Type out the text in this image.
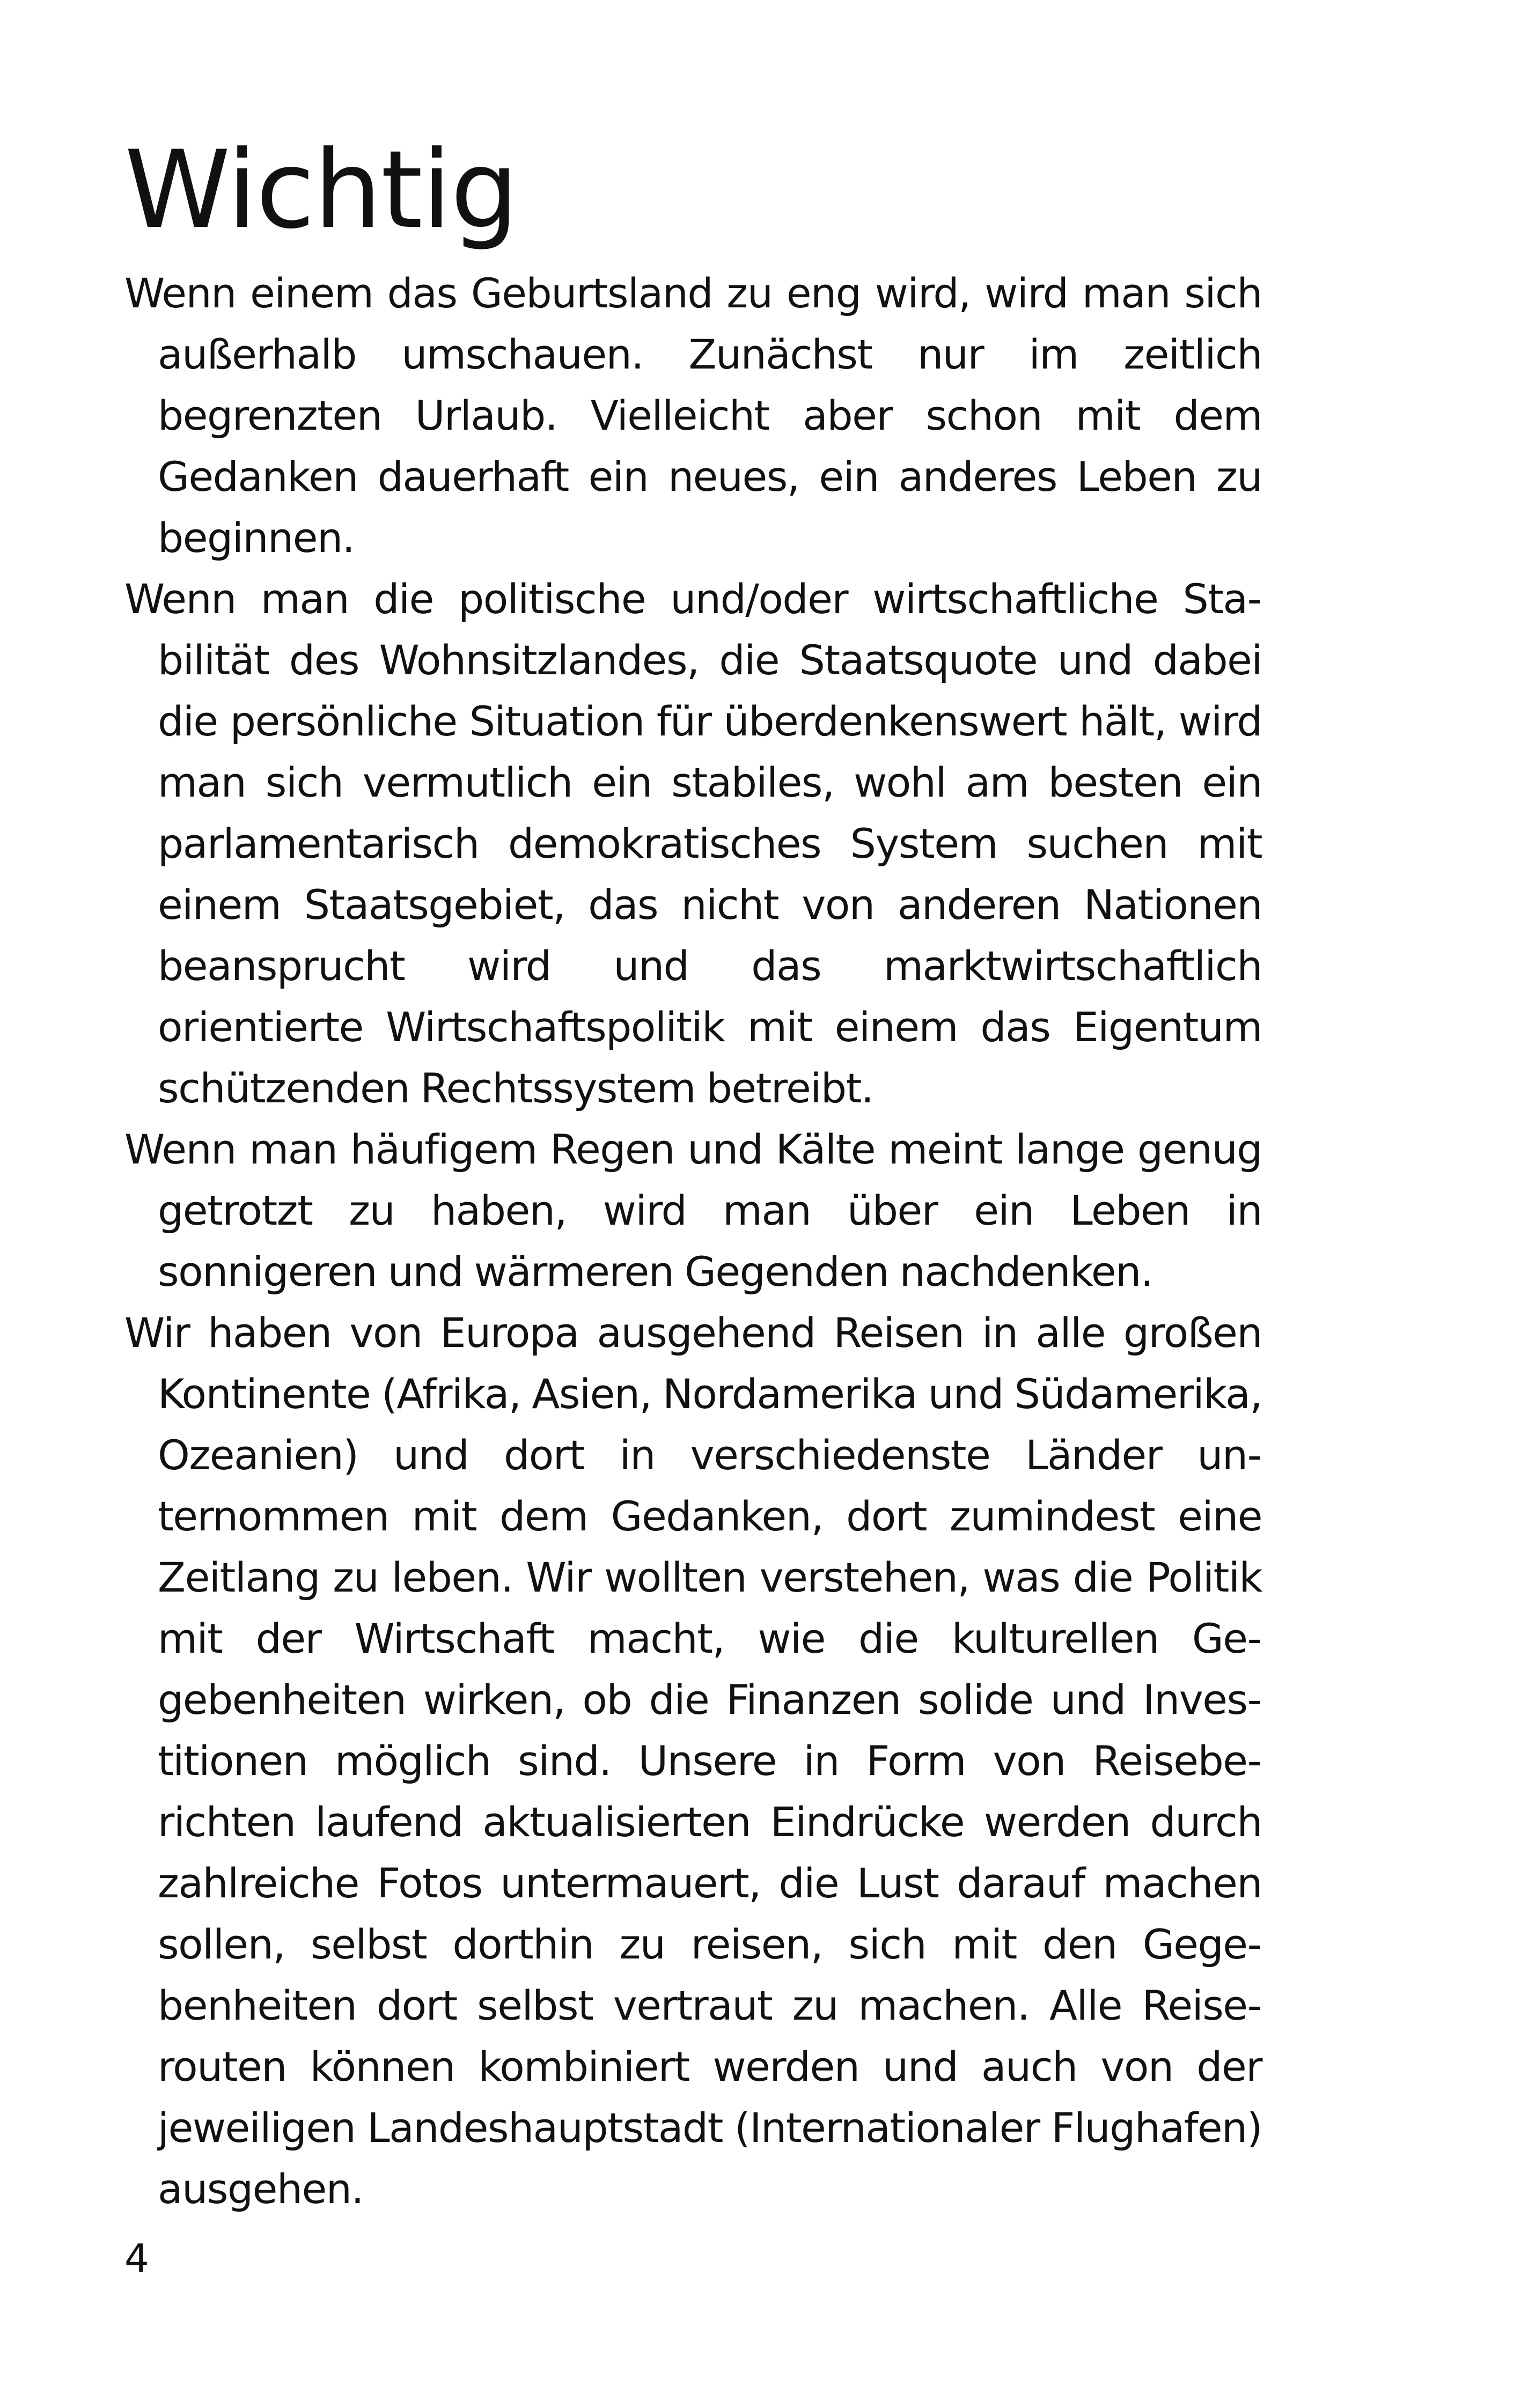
Wichtig

Wenn einem das Geburtsland zu eng wird, wird man sich außerhalb umschauen. Zunächst nur im zeitlich begrenzten Urlaub. Vielleicht aber schon mit dem Gedanken dauerhaft ein neues, ein anderes Leben zu beginnen.

Wenn man die politische und/oder wirtschaftliche Stabilität des Wohnsitzlandes, die Staatsquote und dabei die persönliche Situation für überdenkenswert hält, wird man sich vermutlich ein stabiles, wohl am besten ein parlamentarisch demokratisches System suchen mit einem Staatsgebiet, das nicht von anderen Nationen beansprucht wird und das marktwirtschaftlich orientierte Wirtschaftspolitik mit einem das Eigentum schützenden Rechtssystem betreibt.

Wenn man häufigem Regen und Kälte meint lange genug getrotzt zu haben, wird man über ein Leben in sonnigeren und wärmeren Gegenden nachdenken.

Wir haben von Europa ausgehend Reisen in alle großen Kontinente (Afrika, Asien, Nordamerika und Südamerika, Ozeanien) und dort in verschiedenste Länder unternommen mit dem Gedanken, dort zumindest eine Zeitlang zu leben. Wir wollten verstehen, was die Politik mit der Wirtschaft macht, wie die kulturellen Gegebenheiten wirken, ob die Finanzen solide und Investitionen möglich sind. Unsere in Form von Reiseberichten laufend aktualisierten Eindrücke werden durch zahlreiche Fotos untermauert, die Lust darauf machen sollen, selbst dorthin zu reisen, sich mit den Gegebenheiten dort selbst vertraut zu machen. Alle Reiserouten können kombiniert werden und auch von der jeweiligen Landeshauptstadt (Internationaler Flughafen) ausgehen.

4
